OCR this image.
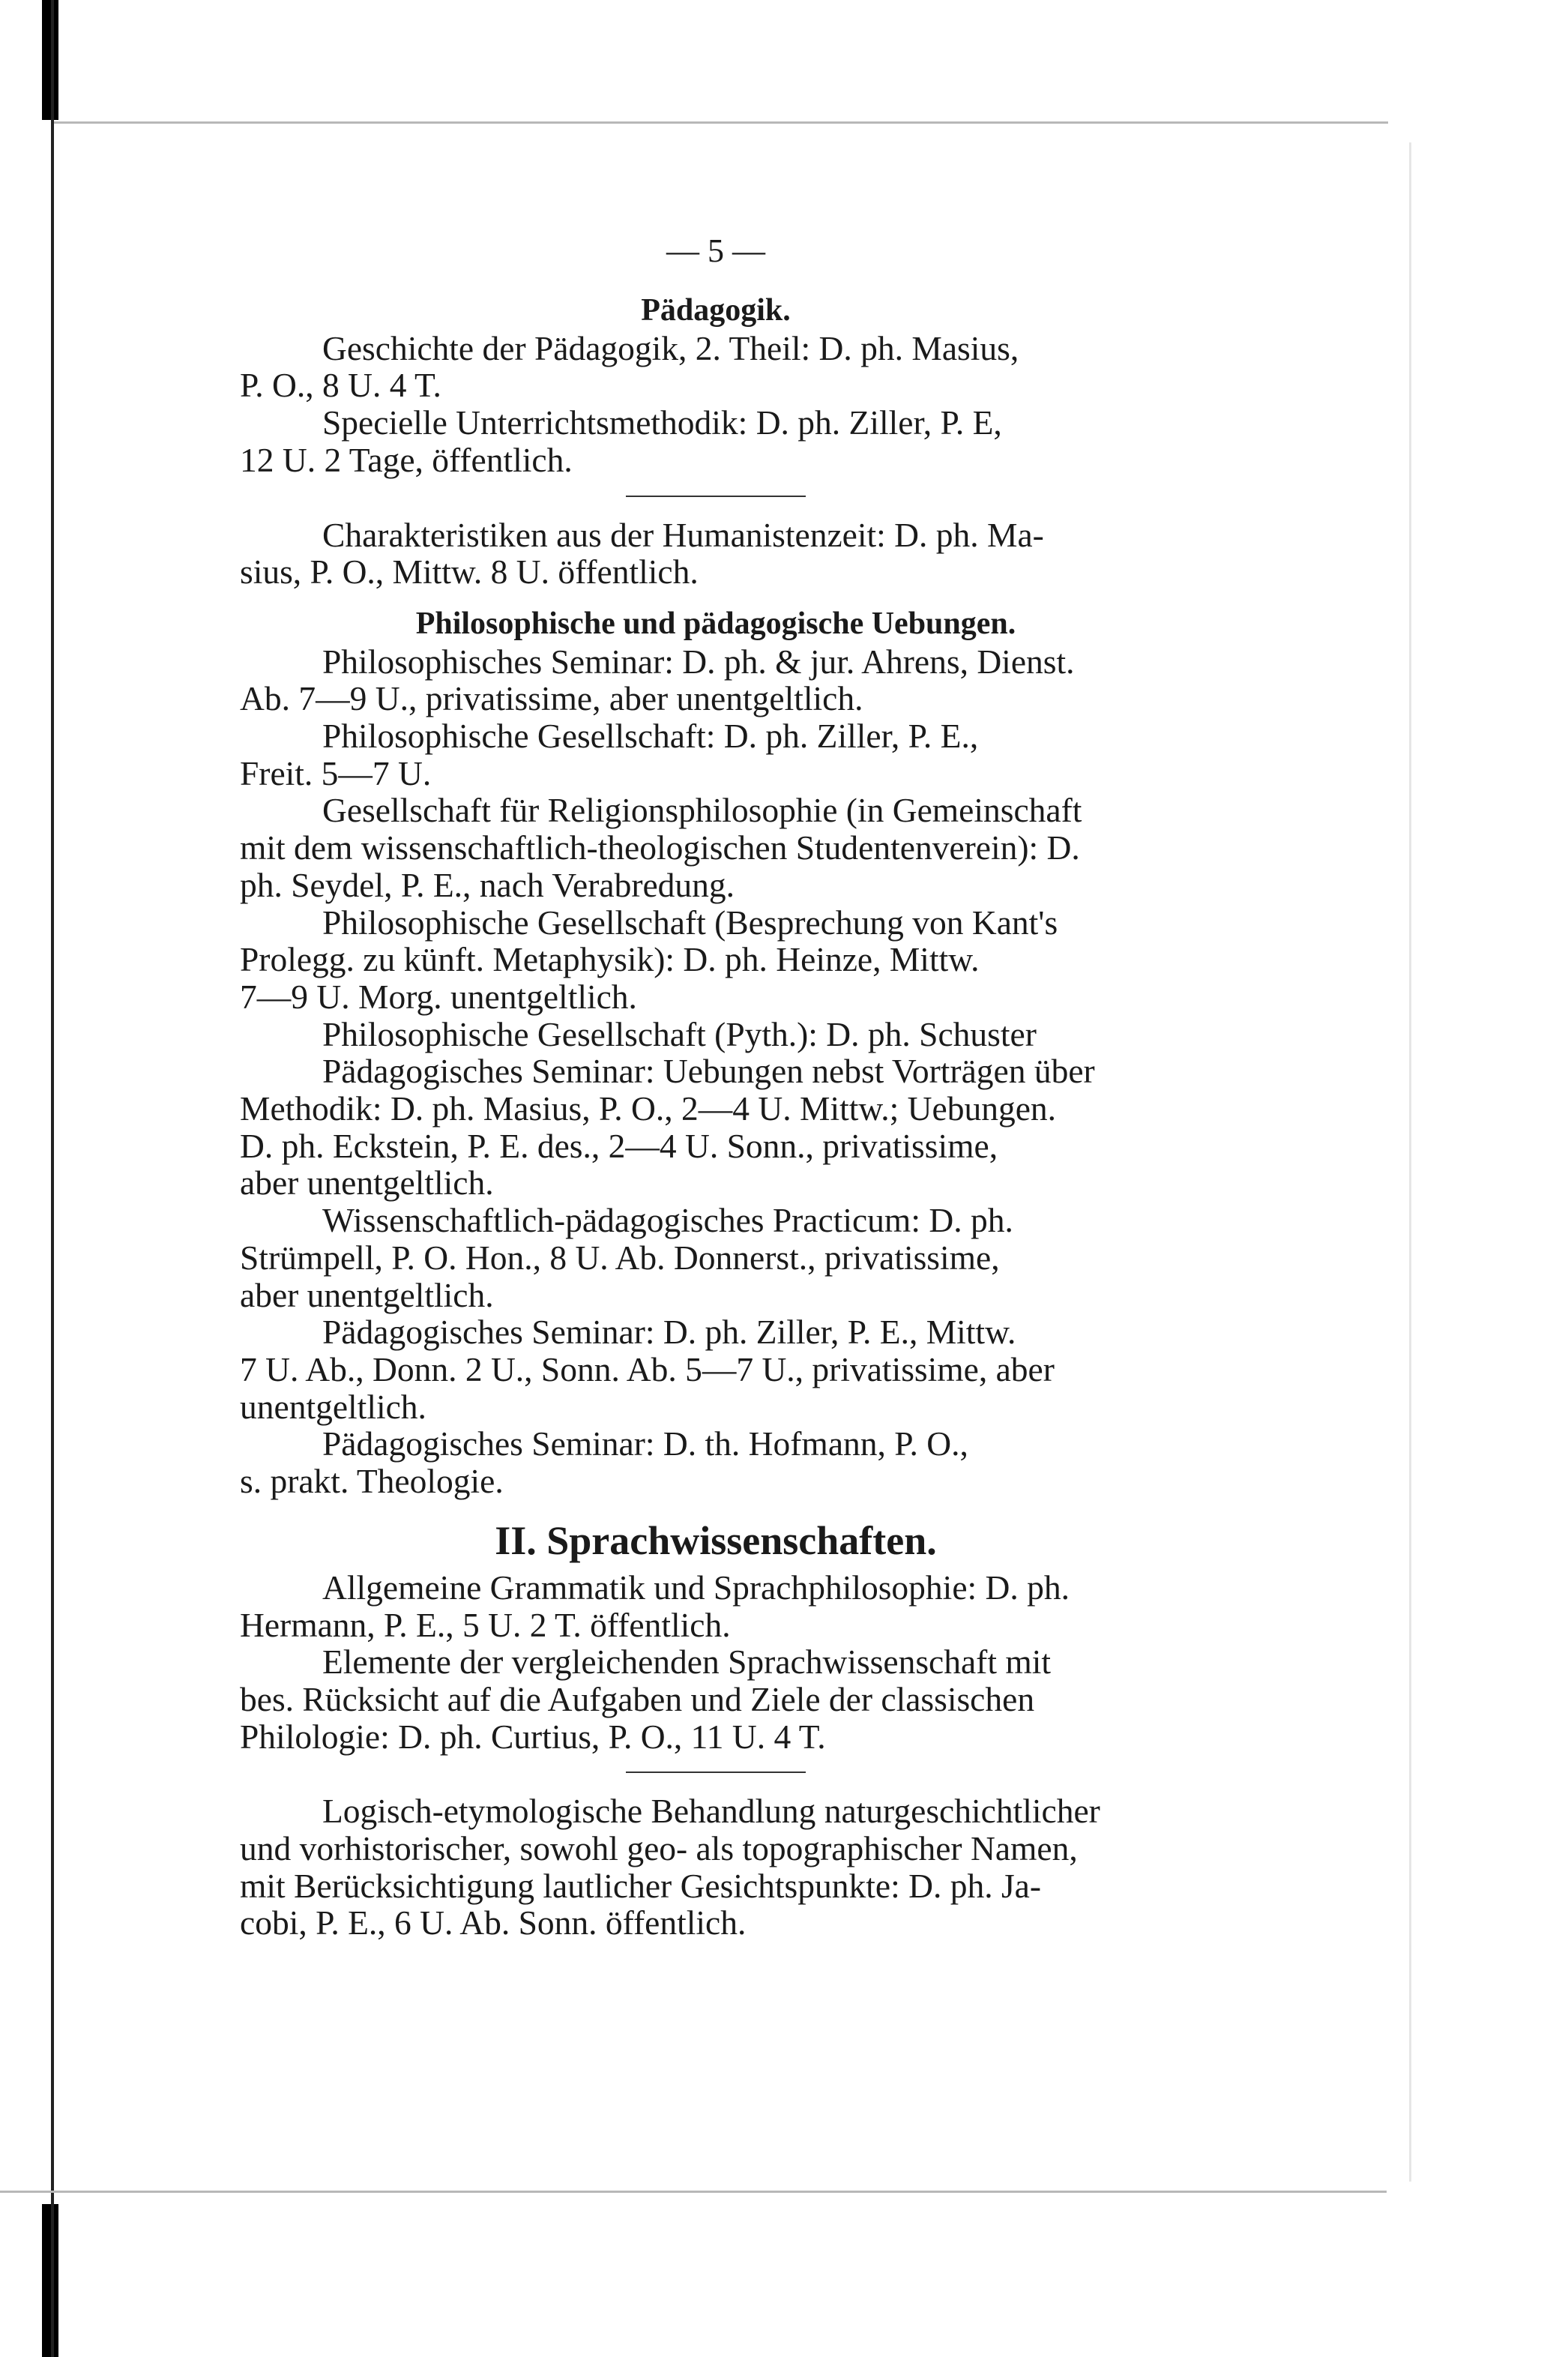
— 5 —
Pädagogik.
Geschichte der Pädagogik, 2. Theil: D. ph. Masius,
P. O., 8 U. 4 T.
Specielle Unterrichtsmethodik: D. ph. Ziller, P. E,
12 U. 2 Tage, öffentlich.
Charakteristiken aus der Humanistenzeit: D. ph. Ma-
sius, P. O., Mittw. 8 U. öffentlich.
Philosophische und pädagogische Uebungen.
Philosophisches Seminar: D. ph. & jur. Ahrens, Dienst.
Ab. 7—9 U., privatissime, aber unentgeltlich.
Philosophische Gesellschaft: D. ph. Ziller, P. E.,
Freit. 5—7 U.
Gesellschaft für Religionsphilosophie (in Gemeinschaft
mit dem wissenschaftlich-theologischen Studentenverein): D.
ph. Seydel, P. E., nach Verabredung.
Philosophische Gesellschaft (Besprechung von Kant's
Prolegg. zu künft. Metaphysik): D. ph. Heinze, Mittw.
7—9 U. Morg. unentgeltlich.
Philosophische Gesellschaft (Pyth.): D. ph. Schuster
Pädagogisches Seminar: Uebungen nebst Vorträgen über
Methodik: D. ph. Masius, P. O., 2—4 U. Mittw.; Uebungen.
D. ph. Eckstein, P. E. des., 2—4 U. Sonn., privatissime,
aber unentgeltlich.
Wissenschaftlich-pädagogisches Practicum: D. ph.
Strümpell, P. O. Hon., 8 U. Ab. Donnerst., privatissime,
aber unentgeltlich.
Pädagogisches Seminar: D. ph. Ziller, P. E., Mittw.
7 U. Ab., Donn. 2 U., Sonn. Ab. 5—7 U., privatissime, aber
unentgeltlich.
Pädagogisches Seminar: D. th. Hofmann, P. O.,
s. prakt. Theologie.
II. Sprachwissenschaften.
Allgemeine Grammatik und Sprachphilosophie: D. ph.
Hermann, P. E., 5 U. 2 T. öffentlich.
Elemente der vergleichenden Sprachwissenschaft mit
bes. Rücksicht auf die Aufgaben und Ziele der classischen
Philologie: D. ph. Curtius, P. O., 11 U. 4 T.
Logisch-etymologische Behandlung naturgeschichtlicher
und vorhistorischer, sowohl geo- als topographischer Namen,
mit Berücksichtigung lautlicher Gesichtspunkte: D. ph. Ja-
cobi, P. E., 6 U. Ab. Sonn. öffentlich.
